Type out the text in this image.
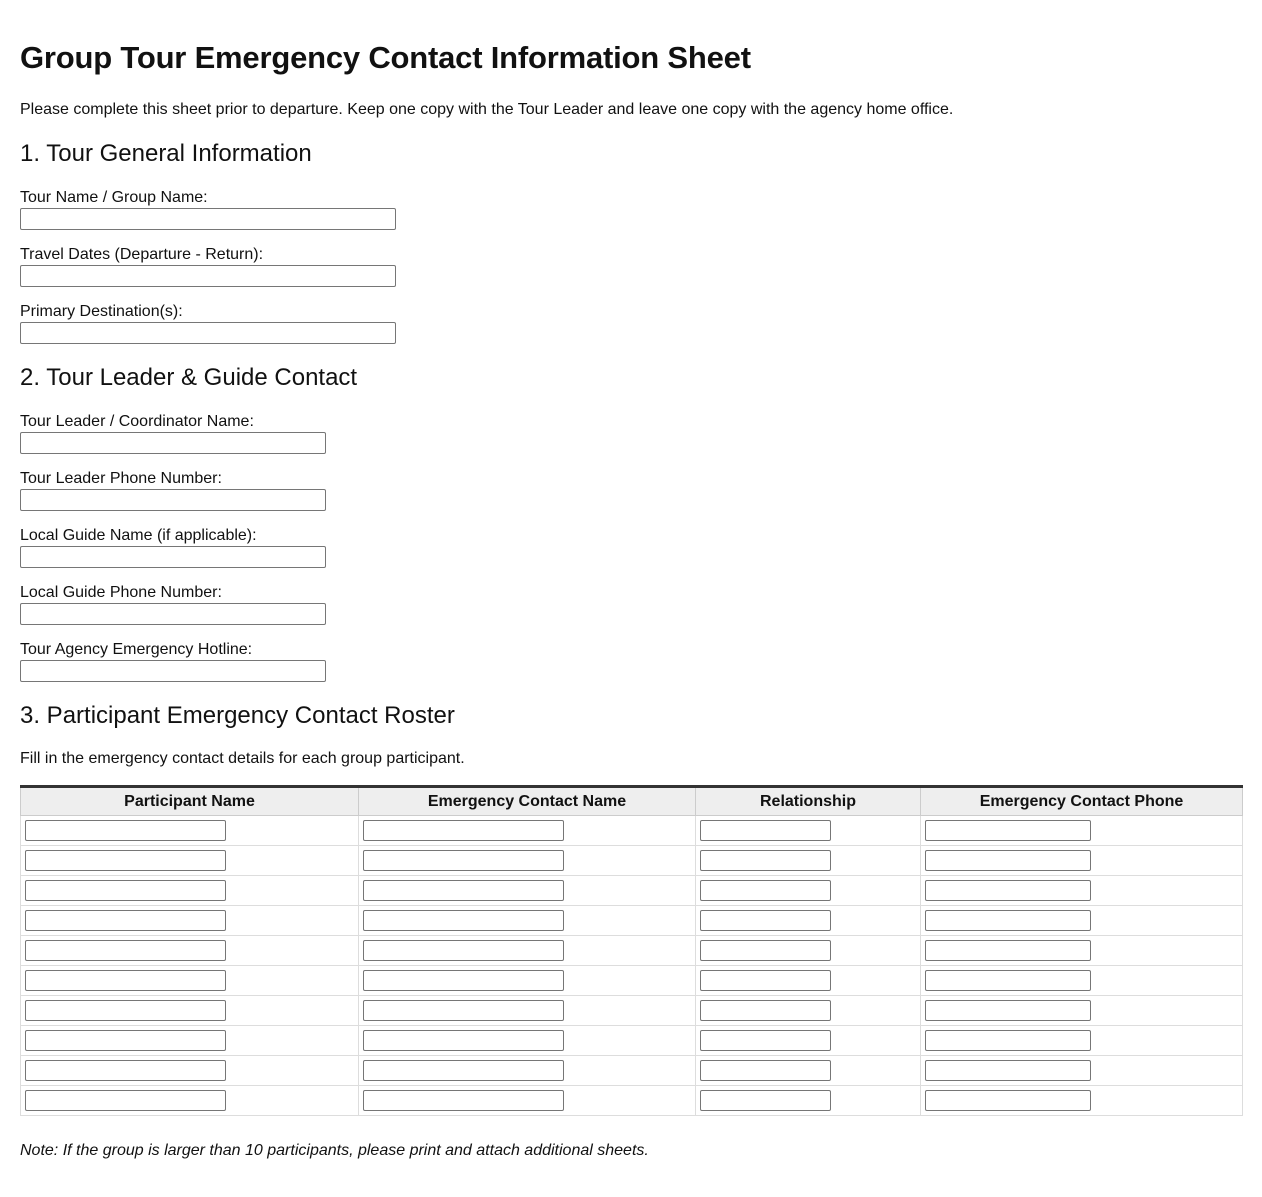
Group Tour Emergency Contact Information Sheet
Please complete this sheet prior to departure. Keep one copy with the Tour Leader and leave one copy with the agency home office.
1. Tour General Information
Tour Name / Group Name:
Travel Dates (Departure - Return):
Primary Destination(s):
2. Tour Leader & Guide Contact
Tour Leader / Coordinator Name:
Tour Leader Phone Number:
Local Guide Name (if applicable):
Local Guide Phone Number:
Tour Agency Emergency Hotline:
3. Participant Emergency Contact Roster
Fill in the emergency contact details for each group participant.
Participant Name	Emergency Contact Name	Relationship	Emergency Contact Phone

Note: If the group is larger than 10 participants, please print and attach additional sheets.
